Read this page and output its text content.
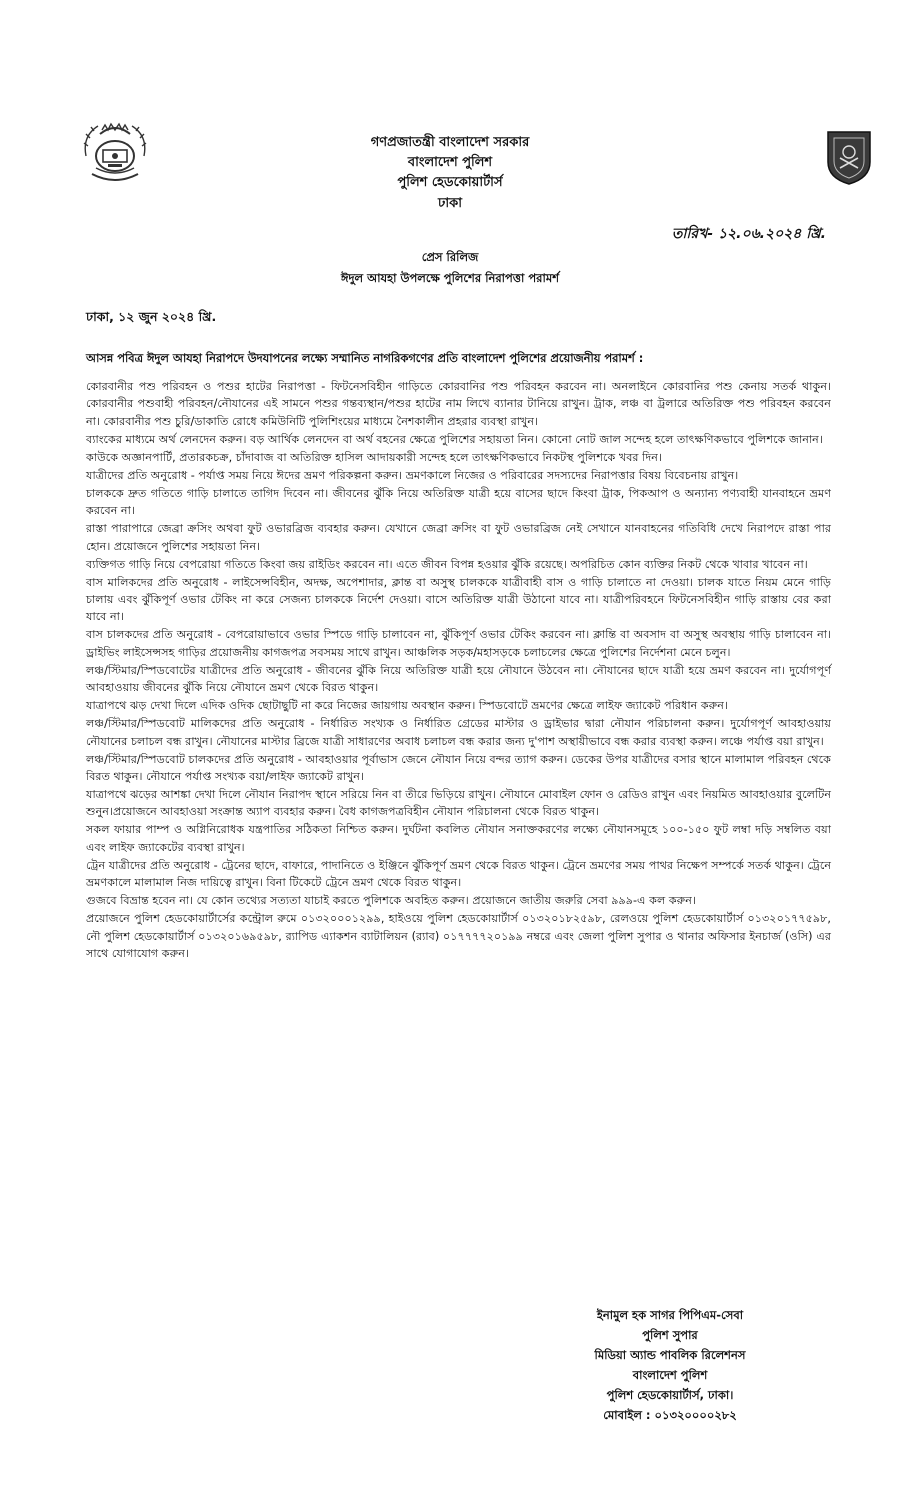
গণপ্রজাতন্ত্রী বাংলাদেশ সরকার
বাংলাদেশ পুলিশ
পুলিশ হেডকোয়ার্টার্স
ঢাকা
তারিখ- ১২.০৬.২০২৪ খ্রি.
প্রেস রিলিজ
ঈদুল আযহা উপলক্ষে পুলিশের নিরাপত্তা পরামর্শ
ঢাকা, ১২ জুন ২০২৪ খ্রি.
আসন্ন পবিত্র ঈদুল আযহা নিরাপদে উদযাপনের লক্ষ্যে সম্মানিত নাগরিকগণের প্রতি বাংলাদেশ পুলিশের প্রয়োজনীয় পরামর্শ :

কোরবানীর পশু পরিবহন ও পশুর হাটের নিরাপত্তা - ফিটনেসবিহীন গাড়িতে কোরবানির পশু পরিবহন করবেন না। অনলাইনে কোরবানির পশু কেনায় সতর্ক থাকুন।কোরবানীর পশুবাহী পরিবহন/নৌযানের এই সামনে পশুর গন্তব্যস্থান/পশুর হাটের নাম লিখে ব্যানার টানিয়ে রাখুন। ট্রাক, লঞ্চ বা ট্রলারে অতিরিক্ত পশু পরিবহন করবেন না। কোরবানীর পশু চুরি/ডাকাতি রোধে কমিউনিটি পুলিশিংয়ের মাধ্যমে নৈশকালীন প্রহরার ব্যবস্থা রাখুন।

ব্যাংকের মাধ্যমে অর্থ লেনদেন করুন। বড় আর্থিক লেনদেন বা অর্থ বহনের ক্ষেত্রে পুলিশের সহায়তা নিন। কোনো নোট জাল সন্দেহ হলে তাৎক্ষণিকভাবে পুলিশকে জানান।

কাউকে অজ্ঞানপার্টি, প্রতারকচক্র, চাঁদাবাজ বা অতিরিক্ত হাসিল আদায়কারী সন্দেহ হলে তাৎক্ষণিকভাবে নিকটস্থ পুলিশকে খবর দিন।

যাত্রীদের প্রতি অনুরোধ - পর্যাপ্ত সময় নিয়ে ঈদের ভ্রমণ পরিকল্পনা করুন। ভ্রমণকালে নিজের ও পরিবারের সদস্যদের নিরাপত্তার বিষয় বিবেচনায় রাখুন।

চালককে দ্রুত গতিতে গাড়ি চালাতে তাগিদ দিবেন না। জীবনের ঝুঁকি নিয়ে অতিরিক্ত যাত্রী হয়ে বাসের ছাদে কিংবা ট্রাক, পিকআপ ও অন্যান্য পণ্যবাহী যানবাহনে ভ্রমণ করবেন না।

রাস্তা পারাপারে জেব্রা ক্রসিং অথবা ফুট ওভারব্রিজ ব্যবহার করুন। যেখানে জেব্রা ক্রসিং বা ফুট ওভারব্রিজ নেই সেখানে যানবাহনের গতিবিধি দেখে নিরাপদে রাস্তা পার হোন। প্রয়োজনে পুলিশের সহায়তা নিন।

ব্যক্তিগত গাড়ি নিয়ে বেপরোয়া গতিতে কিংবা জয় রাইডিং করবেন না। এতে জীবন বিপন্ন হওয়ার ঝুঁকি রয়েছে। অপরিচিত কোন ব্যক্তির নিকট থেকে খাবার খাবেন না।

বাস মালিকদের প্রতি অনুরোধ - লাইসেন্সবিহীন, অদক্ষ, অপেশাদার, ক্লান্ত বা অসুস্থ চালককে যাত্রীবাহী বাস ও গাড়ি চালাতে না দেওয়া। চালক যাতে নিয়ম মেনে গাড়ি চালায় এবং ঝুঁকিপূর্ণ ওভার টেকিং না করে সেজন্য চালককে নির্দেশ দেওয়া। বাসে অতিরিক্ত যাত্রী উঠানো যাবে না। যাত্রীপরিবহনে ফিটনেসবিহীন গাড়ি রাস্তায় বের করা যাবে না।

বাস চালকদের প্রতি অনুরোধ - বেপরোয়াভাবে ওভার স্পিডে গাড়ি চালাবেন না, ঝুঁকিপূর্ণ ওভার টেকিং করবেন না। ক্লান্তি বা অবসাদ বা অসুস্থ অবস্থায় গাড়ি চালাবেন না। ড্রাইভিং লাইসেন্সসহ গাড়ির প্রয়োজনীয় কাগজপত্র সবসময় সাথে রাখুন। আঞ্চলিক সড়ক/মহাসড়কে চলাচলের ক্ষেত্রে পুলিশের নির্দেশনা মেনে চলুন।

লঞ্চ/স্টিমার/স্পিডবোটের যাত্রীদের প্রতি অনুরোধ - জীবনের ঝুঁকি নিয়ে অতিরিক্ত যাত্রী হয়ে নৌযানে উঠবেন না। নৌযানের ছাদে যাত্রী হয়ে ভ্রমণ করবেন না। দুর্যোগপূর্ণ আবহাওয়ায় জীবনের ঝুঁকি নিয়ে নৌযানে ভ্রমণ থেকে বিরত থাকুন।

যাত্রাপথে ঝড় দেখা দিলে এদিক ওদিক ছোটাছুটি না করে নিজের জায়গায় অবস্থান করুন। স্পিডবোটে ভ্রমণের ক্ষেত্রে লাইফ জ্যাকেট পরিধান করুন।

লঞ্চ/স্টিমার/স্পিডবোট মালিকদের প্রতি অনুরোধ - নির্ধারিত সংখ্যক ও নির্ধারিত গ্রেডের মাস্টার ও ড্রাইভার দ্বারা নৌযান পরিচালনা করুন। দুর্যোগপূর্ণ আবহাওয়ায় নৌযানের চলাচল বন্ধ রাখুন। নৌযানের মাস্টার ব্রিজে যাত্রী সাধারণের অবাধ চলাচল বন্ধ করার জন্য দু'পাশ অস্থায়ীভাবে বন্ধ করার ব্যবস্থা করুন। লঞ্চে পর্যাপ্ত বয়া রাখুন।

লঞ্চ/স্টিমার/স্পিডবোট চালকদের প্রতি অনুরোধ - আবহাওয়ার পূর্বাভাস জেনে নৌযান নিয়ে বন্দর ত্যাগ করুন। ডেকের উপর যাত্রীদের বসার স্থানে মালামাল পরিবহন থেকে বিরত থাকুন। নৌযানে পর্যাপ্ত সংখ্যক বয়া/লাইফ জ্যাকেট রাখুন।

যাত্রাপথে ঝড়ের আশঙ্কা দেখা দিলে নৌযান নিরাপদ স্থানে সরিয়ে নিন বা তীরে ভিড়িয়ে রাখুন। নৌযানে মোবাইল ফোন ও রেডিও রাখুন এবং নিয়মিত আবহাওয়ার বুলেটিন শুনুন।প্রয়োজনে আবহাওয়া সংক্রান্ত অ্যাপ ব্যবহার করুন। বৈধ কাগজপত্রবিহীন নৌযান পরিচালনা থেকে বিরত থাকুন।

সকল ফায়ার পাম্প ও অগ্নিনিরোধক যন্ত্রপাতির সঠিকতা নিশ্চিত করুন। দুর্ঘটনা কবলিত নৌযান সনাক্তকরণের লক্ষ্যে নৌযানসমূহে ১০০-১৫০ ফুট লম্বা দড়ি সম্বলিত বয়া এবং লাইফ জ্যাকেটের ব্যবস্থা রাখুন।

ট্রেন যাত্রীদের প্রতি অনুরোধ - ট্রেনের ছাদে, বাফারে, পাদানিতে ও ইঞ্জিনে ঝুঁকিপূর্ণ ভ্রমণ থেকে বিরত থাকুন। ট্রেনে ভ্রমণের সময় পাথর নিক্ষেপ সম্পর্কে সতর্ক থাকুন। ট্রেনে ভ্রমণকালে মালামাল নিজ দায়িত্বে রাখুন। বিনা টিকেটে ট্রেনে ভ্রমণ থেকে বিরত থাকুন।

গুজবে বিভ্রান্ত হবেন না। যে কোন তথ্যের সত্যতা যাচাই করতে পুলিশকে অবহিত করুন। প্রয়োজনে জাতীয় জরুরি সেবা ৯৯৯-এ কল করুন।

প্রয়োজনে পুলিশ হেডকোয়ার্টার্সের কন্ট্রোল রুমে ০১৩২০০০১২৯৯, হাইওয়ে পুলিশ হেডকোয়ার্টার্স ০১৩২০১৮২৫৯৮, রেলওয়ে পুলিশ হেডকোয়ার্টার্স ০১৩২০১৭৭৫৯৮, নৌ পুলিশ হেডকোয়ার্টার্স ০১৩২০১৬৯৫৯৮, র‍্যাপিড এ্যাকশন ব্যাটালিয়ন (র‍্যাব) ০১৭৭৭৭২০১৯৯ নম্বরে এবং জেলা পুলিশ সুপার ও থানার অফিসার ইনচার্জ (ওসি) এর সাথে যোগাযোগ করুন।

ইনামুল হক সাগর পিপিএম-সেবা
পুলিশ সুপার
মিডিয়া অ্যান্ড পাবলিক রিলেশনস
বাংলাদেশ পুলিশ
পুলিশ হেডকোয়ার্টার্স, ঢাকা।
মোবাইল : ০১৩২০০০০২৮২
